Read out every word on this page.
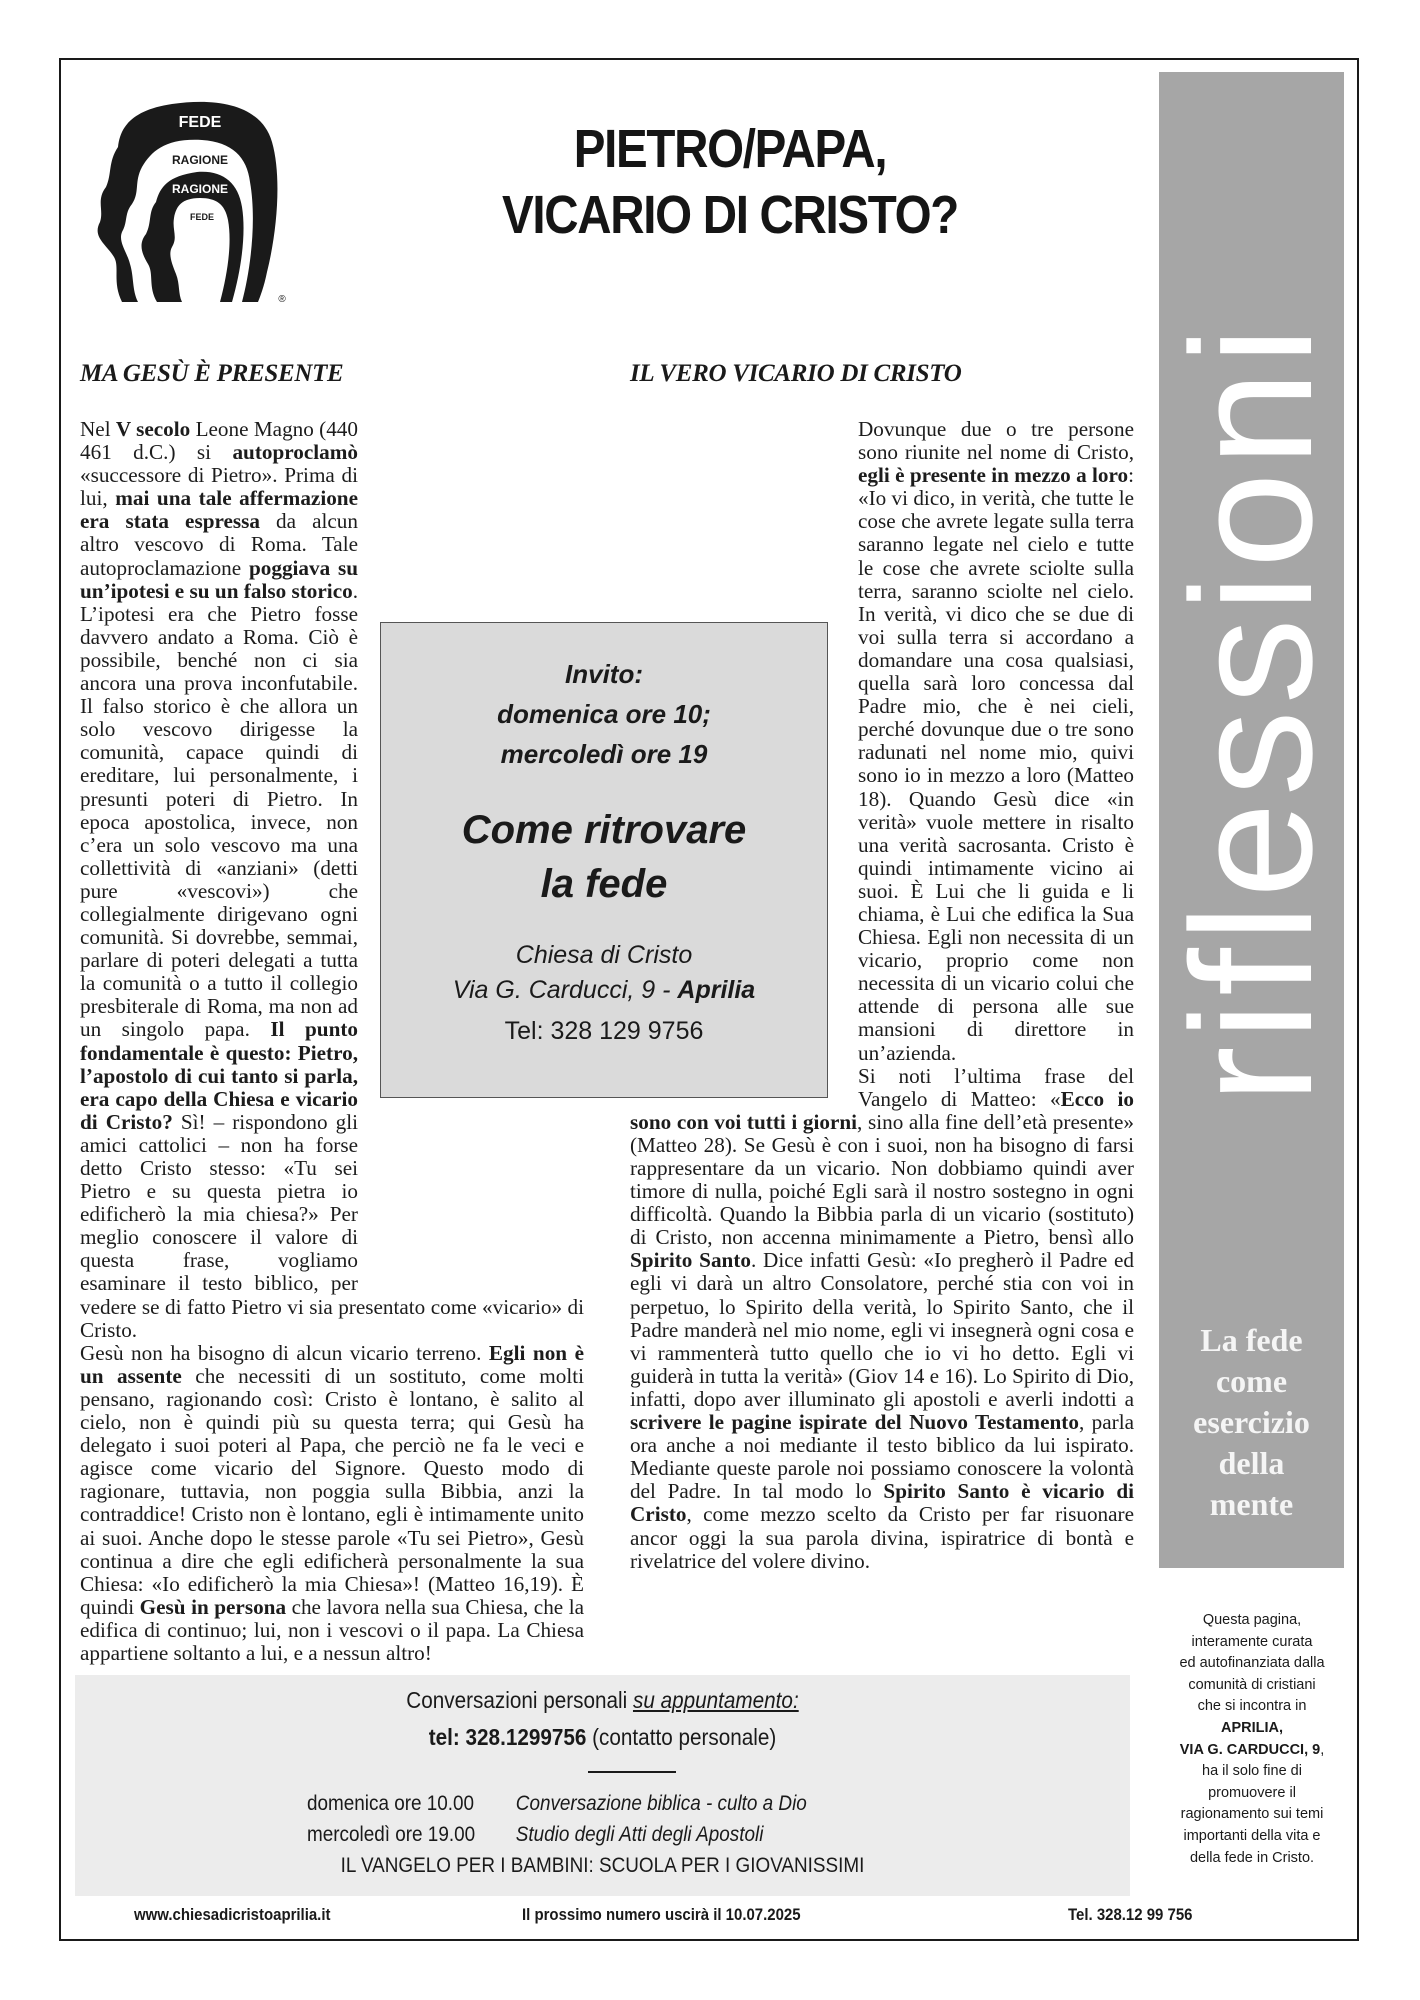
FEDE
RAGIONE
RAGIONE
FEDE
®
PIETRO/PAPA,
VICARIO DI CRISTO?
MA GESÙ È PRESENTE	IL VERO VICARIO DI CRISTO

Nel V secolo Leone Magno (440 461 d.C.) si autoproclamò «successore di Pietro». Prima di lui, mai una tale affermazione era stata espressa da alcun altro vescovo di Roma. Tale autoproclamazione poggiava su un’ipotesi e su un falso storico. L’ipotesi era che Pietro fosse davvero andato a Roma. Ciò è possibile, benché non ci sia ancora una prova inconfutabile. Il falso storico è che allora un solo vescovo dirigesse la comunità, capace quindi di ereditare, lui personalmente, i presunti poteri di Pietro. In epoca apostolica, invece, non c’era un solo vescovo ma una collettività di «anziani» (detti pure «vescovi») che collegialmente dirigevano ogni comunità. Si dovrebbe, semmai, parlare di poteri delegati a tutta la comunità o a tutto il collegio presbiterale di Roma, ma non ad un singolo papa. Il punto fondamentale è questo: Pietro, l’apostolo di cui tanto si parla, era capo della Chiesa e vicario di Cristo? Sì! – rispondono gli amici cattolici – non ha forse detto Cristo stesso: «Tu sei Pietro e su questa pietra io edificherò la mia chiesa?» Per meglio conoscere il valore di questa frase, vogliamo esaminare il testo biblico, per vedere se di fatto Pietro vi sia presentato come «vicario» di Cristo.

Gesù non ha bisogno di alcun vicario terreno. Egli non è un assente che necessiti di un sostituto, come molti pensano, ragionando così: Cristo è lontano, è salito al cielo, non è quindi più su questa terra; qui Gesù ha delegato i suoi poteri al Papa, che perciò ne fa le veci e agisce come vicario del Signore. Questo modo di ragionare, tuttavia, non poggia sulla Bibbia, anzi la contraddice! Cristo non è lontano, egli è intimamente unito ai suoi. Anche dopo le stesse parole «Tu sei Pietro», Gesù continua a dire che egli edificherà personalmente la sua Chiesa: «Io edificherò la mia Chiesa»! (Matteo 16,19). È quindi Gesù in persona che lavora nella sua Chiesa, che la edifica di continuo; lui, non i vescovi o il papa. La Chiesa appartiene soltanto a lui, e a nessun altro!

Dovunque due o tre persone sono riunite nel nome di Cristo, egli è presente in mezzo a loro: «Io vi dico, in verità, che tutte le cose che avrete legate sulla terra saranno legate nel cielo e tutte le cose che avrete sciolte sulla terra, saranno sciolte nel cielo. In verità, vi dico che se due di voi sulla terra si accordano a domandare una cosa qualsiasi, quella sarà loro concessa dal Padre mio, che è nei cieli, perché dovunque due o tre sono radunati nel nome mio, quivi sono io in mezzo a loro (Matteo 18). Quando Gesù dice «in verità» vuole mettere in risalto una verità sacrosanta. Cristo è quindi intimamente vicino ai suoi. È Lui che li guida e li chiama, è Lui che edifica la Sua Chiesa. Egli non necessita di un vicario, proprio come non necessita di un vicario colui che attende di persona alle sue mansioni di direttore in un’azienda.

Si noti l’ultima frase del Vangelo di Matteo: «Ecco io sono con voi tutti i giorni, sino alla fine dell’età presente» (Matteo 28). Se Gesù è con i suoi, non ha bisogno di farsi rappresentare da un vicario. Non dobbiamo quindi aver timore di nulla, poiché Egli sarà il nostro sostegno in ogni difficoltà. Quando la Bibbia parla di un vicario (sostituto) di Cristo, non accenna minimamente a Pietro, bensì allo Spirito Santo. Dice infatti Gesù: «Io pregherò il Padre ed egli vi darà un altro Consolatore, perché stia con voi in perpetuo, lo Spirito della verità, lo Spirito Santo, che il Padre manderà nel mio nome, egli vi insegnerà ogni cosa e vi rammenterà tutto quello che io vi ho detto. Egli vi guiderà in tutta la verità» (Giov 14 e 16). Lo Spirito di Dio, infatti, dopo aver illuminato gli apostoli e averli indotti a scrivere le pagine ispirate del Nuovo Testamento, parla ora anche a noi mediante il testo biblico da lui ispirato. Mediante queste parole noi possiamo conoscere la volontà del Padre. In tal modo lo Spirito Santo è vicario di Cristo, come mezzo scelto da Cristo per far risuonare ancor oggi la sua parola divina, ispiratrice di bontà e rivelatrice del volere divino.

Invito:
domenica ore 10;
mercoledì ore 19
Come ritrovare
la fede
Chiesa di Cristo
Via G. Carducci, 9 - Aprilia
Tel: 328 129 9756	riflessioni
La fede
come
esercizio
della
mente
Questa pagina,
interamente curata
ed autofinanziata dalla
comunità di cristiani
che si incontra in
APRILIA,
VIA G. CARDUCCI, 9,
ha il solo fine di
promuovere il
ragionamento sui temi
importanti della vita e
della fede in Cristo.
Conversazioni personali su appuntamento:
tel: 328.1299756 (contatto personale)
domenica ore 10.00 Conversazione biblica - culto a Dio
mercoledì ore 19.00 Studio degli Atti degli Apostoli
IL VANGELO PER I BAMBINI: SCUOLA PER I GIOVANISSIMI
www.chiesadicristoaprilia.it	Il prossimo numero uscirà il 10.07.2025	Tel. 328.12 99 756
